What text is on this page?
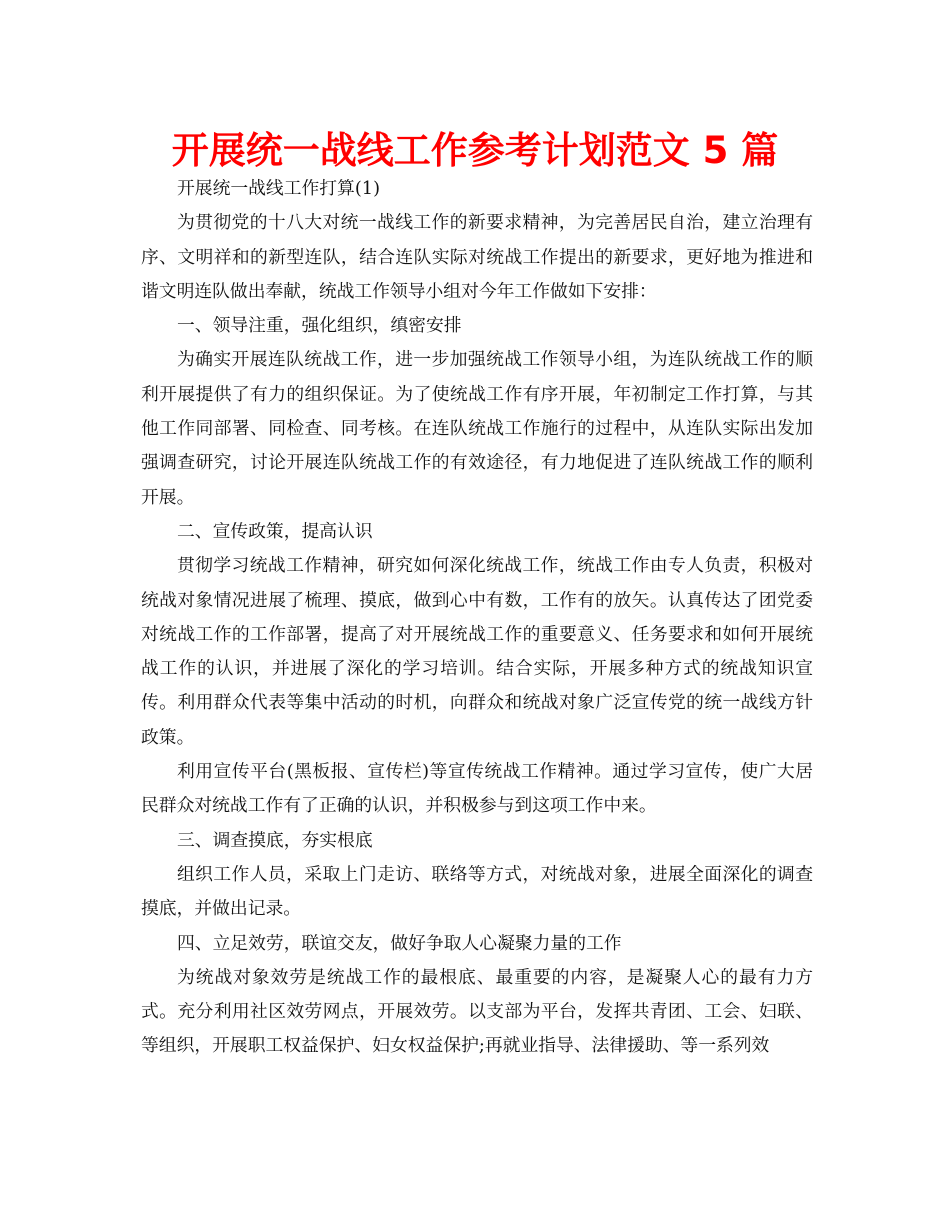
开展统一战线工作参考计划范文 5 篇

开展统一战线工作打算(1)

为贯彻党的十八大对统一战线工作的新要求精神，为完善居民自治，建立治理有序、文明祥和的新型连队，结合连队实际对统战工作提出的新要求，更好地为推进和谐文明连队做出奉献，统战工作领导小组对今年工作做如下安排：

一、领导注重，强化组织，缜密安排

为确实开展连队统战工作，进一步加强统战工作领导小组，为连队统战工作的顺利开展提供了有力的组织保证。为了使统战工作有序开展，年初制定工作打算，与其他工作同部署、同检查、同考核。在连队统战工作施行的过程中，从连队实际出发加强调查研究，讨论开展连队统战工作的有效途径，有力地促进了连队统战工作的顺利开展。

二、宣传政策，提高认识

贯彻学习统战工作精神，研究如何深化统战工作，统战工作由专人负责，积极对统战对象情况进展了梳理、摸底，做到心中有数，工作有的放矢。认真传达了团党委对统战工作的工作部署，提高了对开展统战工作的重要意义、任务要求和如何开展统战工作的认识，并进展了深化的学习培训。结合实际，开展多种方式的统战知识宣传。利用群众代表等集中活动的时机，向群众和统战对象广泛宣传党的统一战线方针政策。

利用宣传平台(黑板报、宣传栏)等宣传统战工作精神。通过学习宣传，使广大居民群众对统战工作有了正确的认识，并积极参与到这项工作中来。

三、调查摸底，夯实根底

组织工作人员，采取上门走访、联络等方式，对统战对象，进展全面深化的调查摸底，并做出记录。

四、立足效劳，联谊交友，做好争取人心凝聚力量的工作

为统战对象效劳是统战工作的最根底、最重要的内容，是凝聚人心的最有力方式。充分利用社区效劳网点，开展效劳。以支部为平台，发挥共青团、工会、妇联、等组织，开展职工权益保护、妇女权益保护;再就业指导、法律援助、等一系列效
